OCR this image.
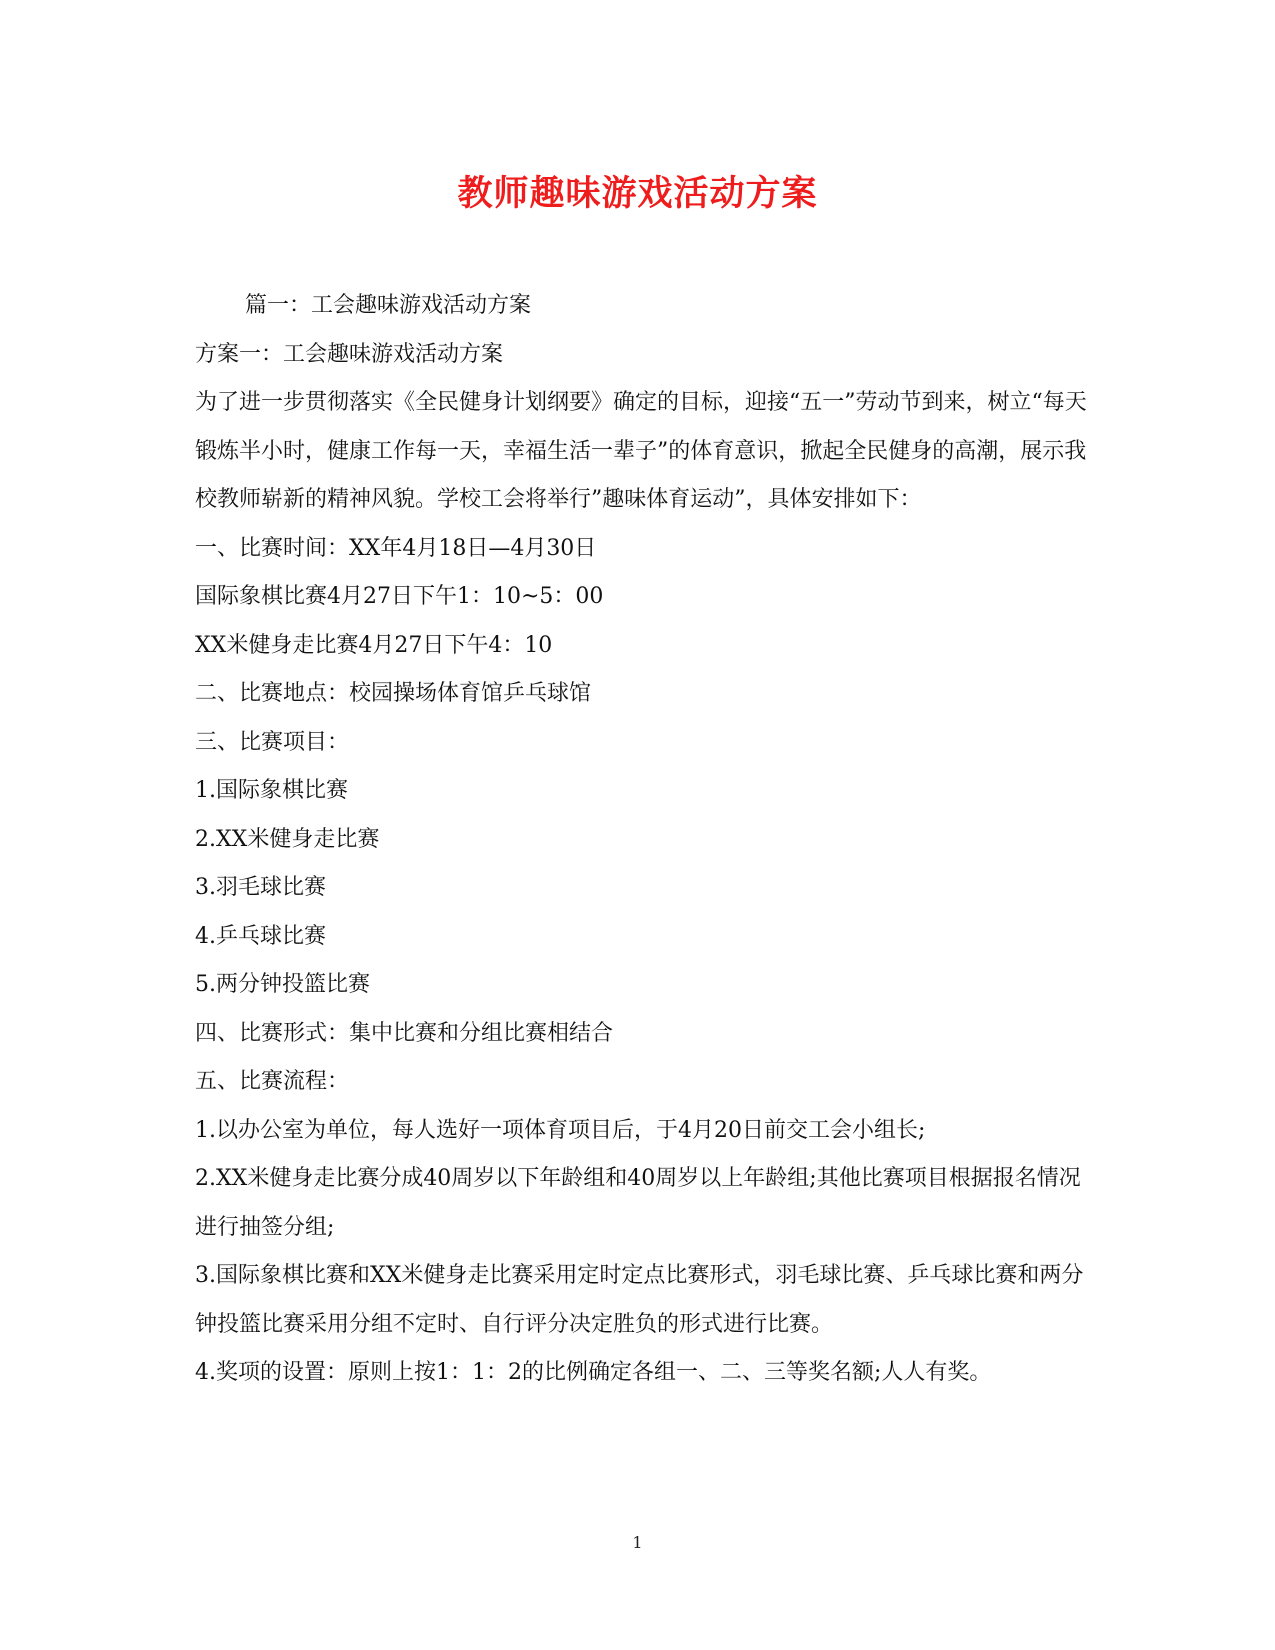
教师趣味游戏活动方案

篇一：工会趣味游戏活动方案

方案一：工会趣味游戏活动方案

为了进一步贯彻落实《全民健身计划纲要》确定的目标，迎接“五一”劳动节到来，树立“每天锻炼半小时，健康工作每一天，幸福生活一辈子”的体育意识，掀起全民健身的高潮，展示我校教师崭新的精神风貌。学校工会将举行”趣味体育运动”，具体安排如下：

一、比赛时间：XX年4月18日—4月30日

国际象棋比赛4月27日下午1：10~5：00

XX米健身走比赛4月27日下午4：10

二、比赛地点：校园操场体育馆乒乓球馆

三、比赛项目：

1.国际象棋比赛

2.XX米健身走比赛

3.羽毛球比赛

4.乒乓球比赛

5.两分钟投篮比赛

四、比赛形式：集中比赛和分组比赛相结合

五、比赛流程：

1.以办公室为单位，每人选好一项体育项目后，于4月20日前交工会小组长;

2.XX米健身走比赛分成40周岁以下年龄组和40周岁以上年龄组;其他比赛项目根据报名情况进行抽签分组;

3.国际象棋比赛和XX米健身走比赛采用定时定点比赛形式，羽毛球比赛、乒乓球比赛和两分钟投篮比赛采用分组不定时、自行评分决定胜负的形式进行比赛。

4.奖项的设置：原则上按1：1：2的比例确定各组一、二、三等奖名额;人人有奖。

1
